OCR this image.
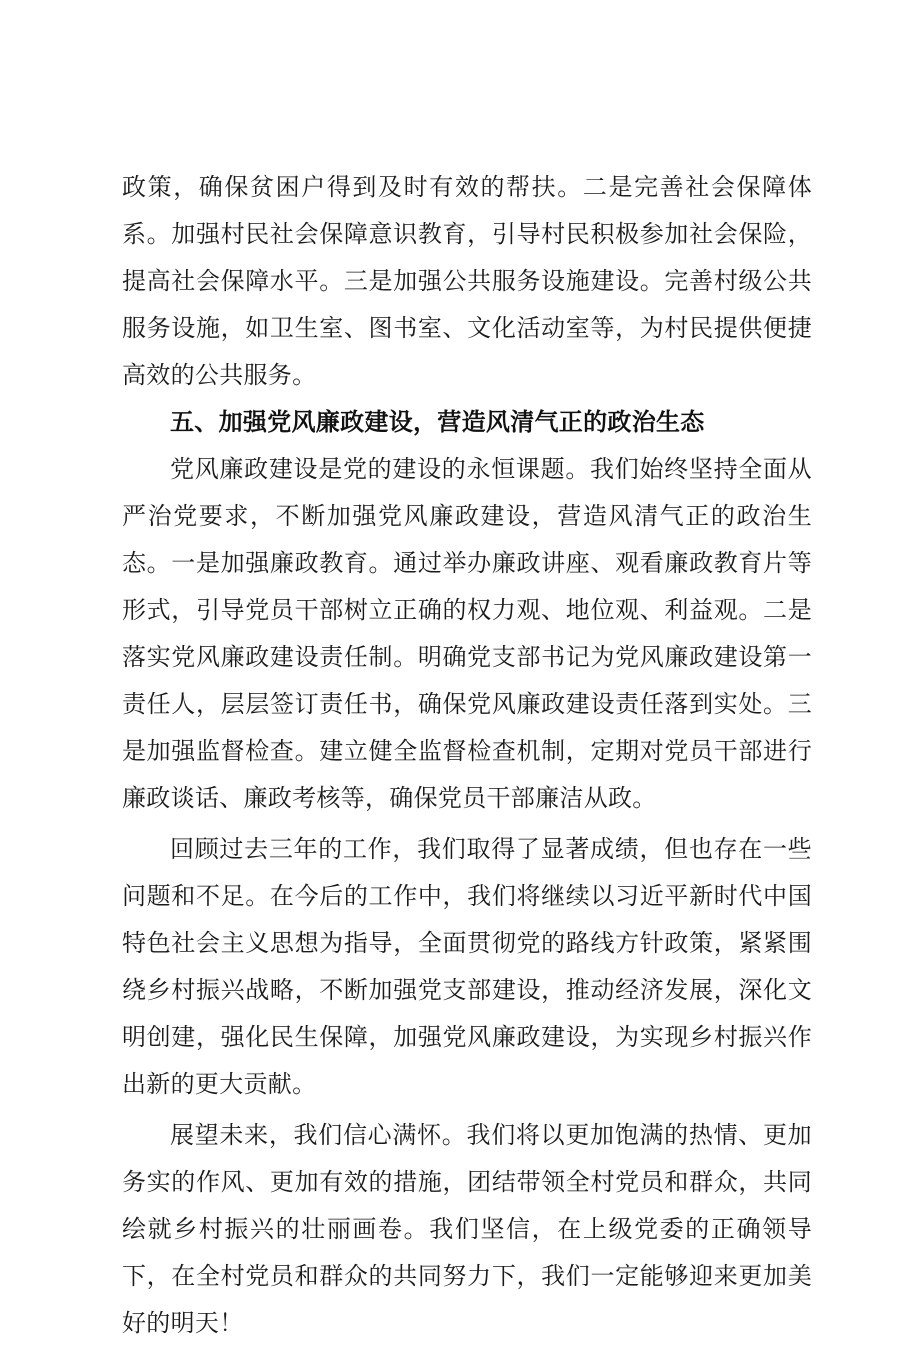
政策，确保贫困户得到及时有效的帮扶。二是完善社会保障体系。加强村民社会保障意识教育，引导村民积极参加社会保险，提高社会保障水平。三是加强公共服务设施建设。完善村级公共服务设施，如卫生室、图书室、文化活动室等，为村民提供便捷高效的公共服务。

五、加强党风廉政建设，营造风清气正的政治生态

党风廉政建设是党的建设的永恒课题。我们始终坚持全面从严治党要求，不断加强党风廉政建设，营造风清气正的政治生态。一是加强廉政教育。通过举办廉政讲座、观看廉政教育片等形式，引导党员干部树立正确的权力观、地位观、利益观。二是落实党风廉政建设责任制。明确党支部书记为党风廉政建设第一责任人，层层签订责任书，确保党风廉政建设责任落到实处。三是加强监督检查。建立健全监督检查机制，定期对党员干部进行廉政谈话、廉政考核等，确保党员干部廉洁从政。

回顾过去三年的工作，我们取得了显著成绩，但也存在一些问题和不足。在今后的工作中，我们将继续以习近平新时代中国特色社会主义思想为指导，全面贯彻党的路线方针政策，紧紧围绕乡村振兴战略，不断加强党支部建设，推动经济发展，深化文明创建，强化民生保障，加强党风廉政建设，为实现乡村振兴作出新的更大贡献。

展望未来，我们信心满怀。我们将以更加饱满的热情、更加务实的作风、更加有效的措施，团结带领全村党员和群众，共同绘就乡村振兴的壮丽画卷。我们坚信，在上级党委的正确领导下，在全村党员和群众的共同努力下，我们一定能够迎来更加美好的明天！
